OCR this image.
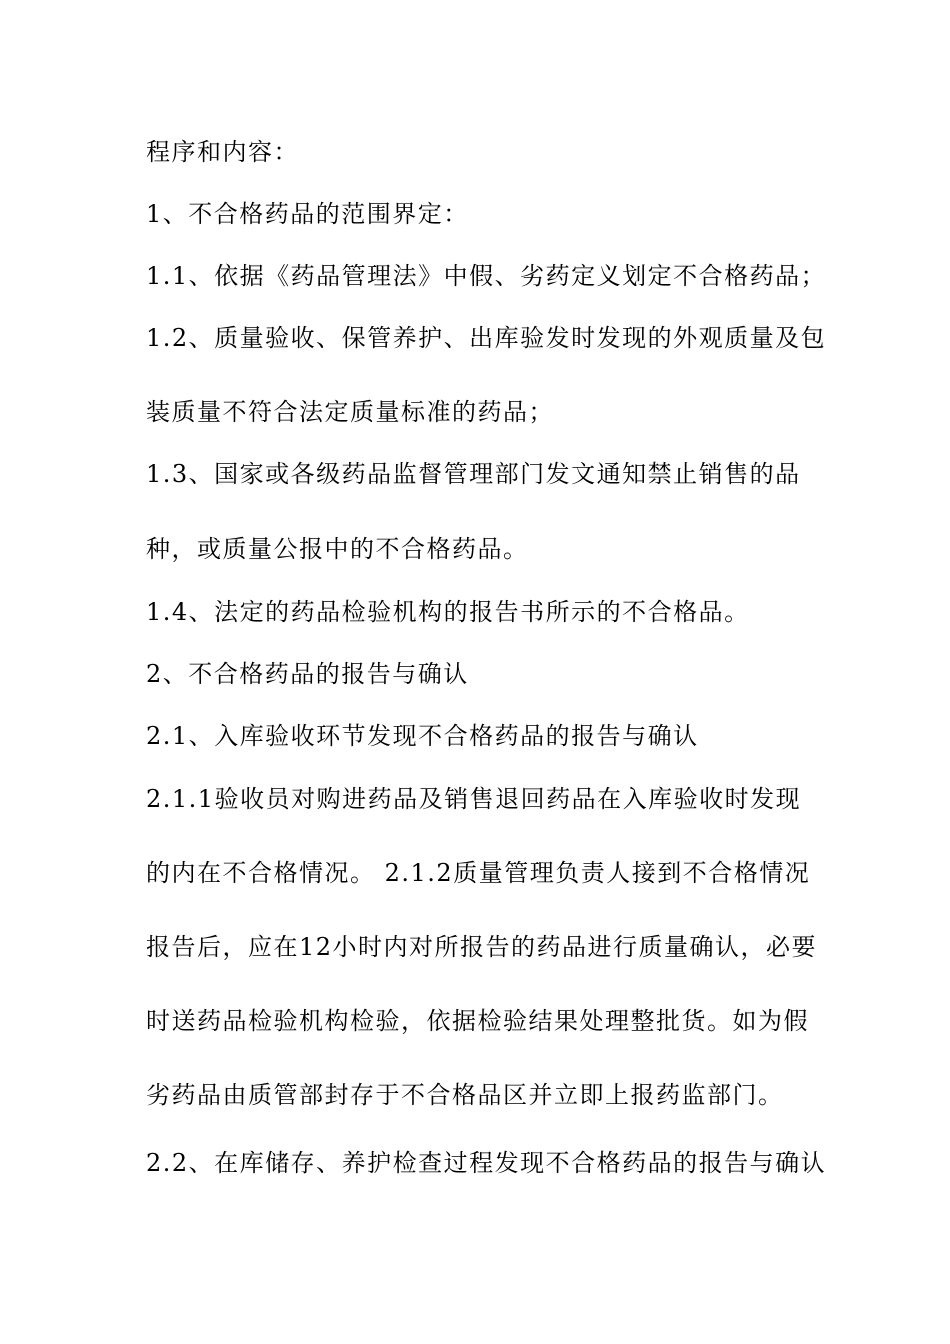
程序和内容：
1、不合格药品的范围界定：
1.1、依据《药品管理法》中假、劣药定义划定不合格药品；
1.2、质量验收、保管养护、出库验发时发现的外观质量及包
装质量不符合法定质量标准的药品；
1.3、国家或各级药品监督管理部门发文通知禁止销售的品
种，或质量公报中的不合格药品。
1.4、法定的药品检验机构的报告书所示的不合格品。
2、不合格药品的报告与确认
2.1、入库验收环节发现不合格药品的报告与确认
2.1.1验收员对购进药品及销售退回药品在入库验收时发现
的内在不合格情况。 2.1.2质量管理负责人接到不合格情况
报告后，应在12小时内对所报告的药品进行质量确认，必要
时送药品检验机构检验，依据检验结果处理整批货。如为假
劣药品由质管部封存于不合格品区并立即上报药监部门。
2.2、在库储存、养护检查过程发现不合格药品的报告与确认
